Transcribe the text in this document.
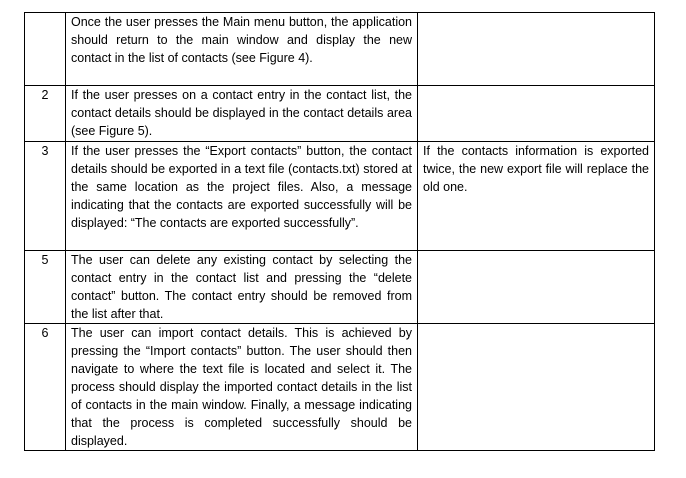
	Once the user presses the Main menu button, the application should return to the main window and display the new contact in the list of contacts (see Figure 4).	
2	If the user presses on a contact entry in the contact list, the contact details should be displayed in the contact details area (see Figure 5).	
3	If the user presses the “Export contacts” button, the contact details should be exported in a text file (contacts.txt) stored at the same location as the project files. Also, a message indicating that the contacts are exported successfully will be displayed: “The contacts are exported successfully”.	If the contacts information is exported twice, the new export file will replace the old one.
5	The user can delete any existing contact by selecting the contact entry in the contact list and pressing the “delete contact” button. The contact entry should be removed from the list after that.	
6	The user can import contact details. This is achieved by pressing the “Import contacts” button. The user should then navigate to where the text file is located and select it. The process should display the imported contact details in the list of contacts in the main window. Finally, a message indicating that the process is completed successfully should be displayed.	
